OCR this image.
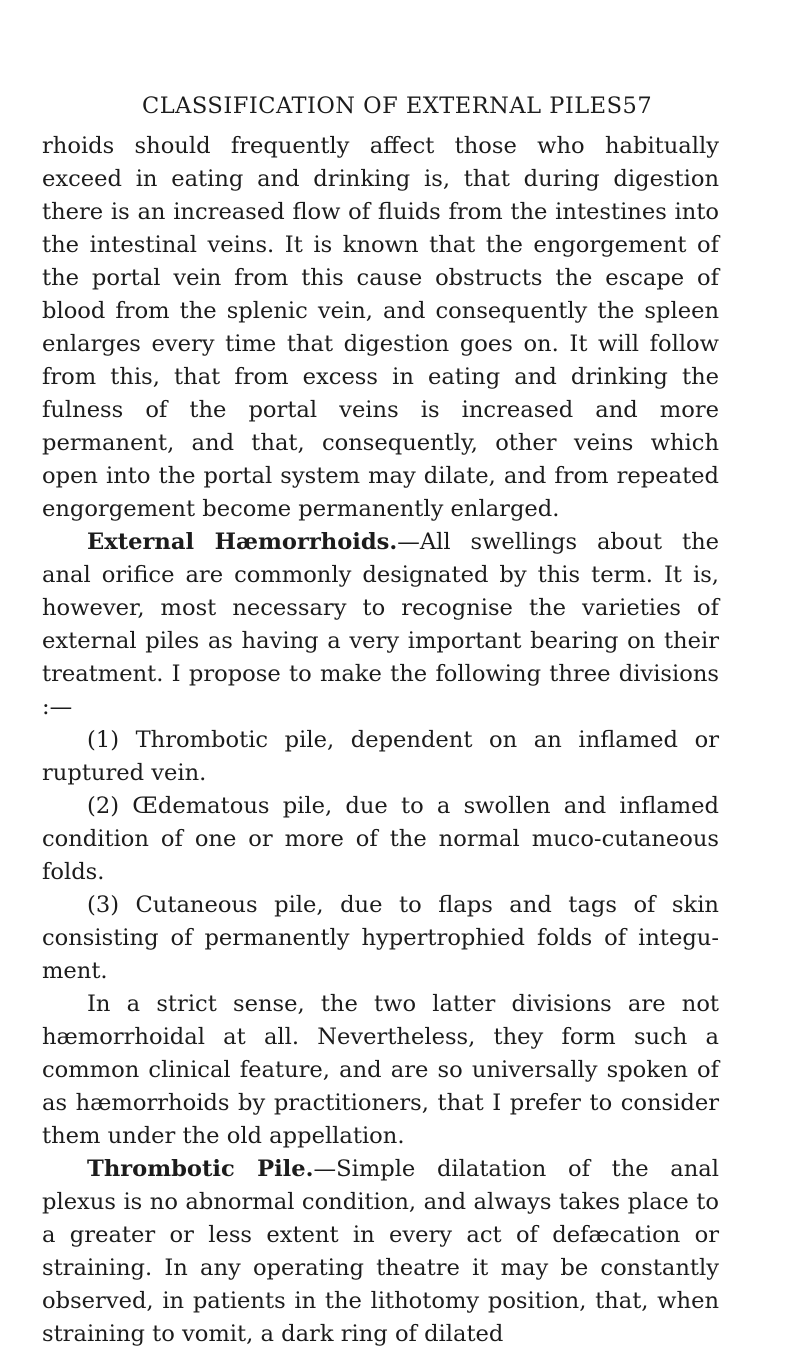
CLASSIFICATION OF EXTERNAL PILES 57

rhoids should frequently affect those who habitually exceed in eating and drinking is, that during digestion there is an increased flow of fluids from the intestines into the intestinal veins. It is known that the engorgement of the portal vein from this cause obstructs the escape of blood from the splenic vein, and consequently the spleen enlarges every time that digestion goes on. It will follow from this, that from excess in eating and drinking the fulness of the portal veins is increased and more permanent, and that, consequently, other veins which open into the portal system may dilate, and from repeated engorgement become permanently enlarged.

External Hæmorrhoids.—All swellings about the anal orifice are commonly designated by this term. It is, however, most necessary to recognise the varieties of external piles as having a very important bearing on their treatment. I propose to make the following three divisions :—

(1) Thrombotic pile, dependent on an inflamed or ruptured vein.

(2) Œdematous pile, due to a swollen and inflamed condition of one or more of the normal muco-cutaneous folds.

(3) Cutaneous pile, due to flaps and tags of skin consisting of permanently hypertrophied folds of integument.

In a strict sense, the two latter divisions are not hæmorrhoidal at all. Nevertheless, they form such a common clinical feature, and are so universally spoken of as hæmorrhoids by practitioners, that I prefer to consider them under the old appellation.

Thrombotic Pile.—Simple dilatation of the anal plexus is no abnormal condition, and always takes place to a greater or less extent in every act of defæcation or straining. In any operating theatre it may be constantly observed, in patients in the lithotomy position, that, when straining to vomit, a dark ring of dilated
